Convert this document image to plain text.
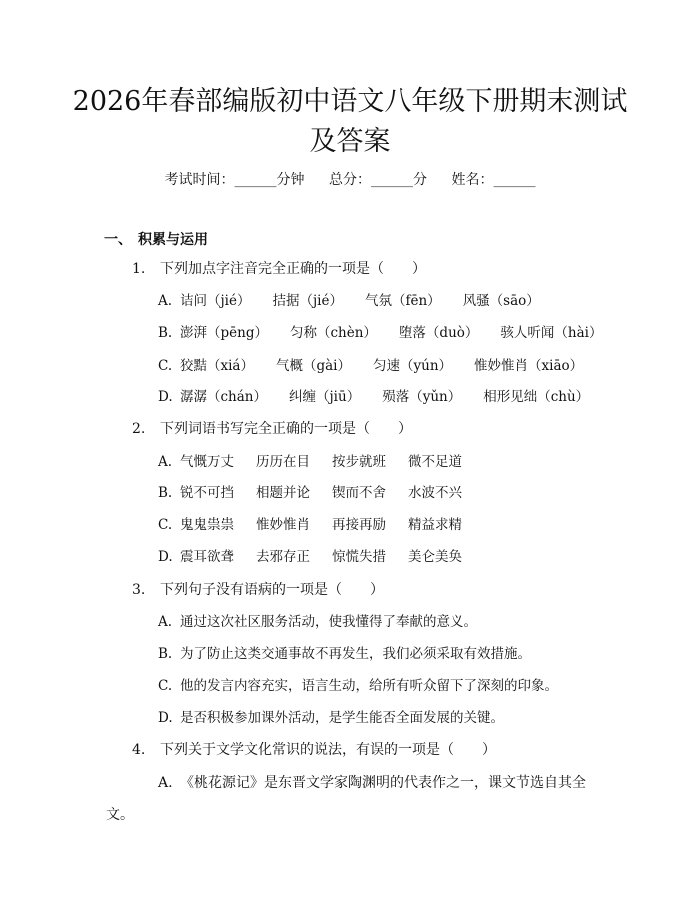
2026年春部编版初中语文八年级下册期末测试及答案
考试时间：______分钟 总分：______分 姓名：______
一、 积累与运用
1. 下列加点字注音完全正确的一项是（　　）
A. 诘问（jié） 拮据（jié） 气氛（fēn） 风骚（sāo）
B. 澎湃（pēng） 匀称（chèn） 堕落（duò） 骇人听闻（hài）
C. 狡黠（xiá） 气概（gài） 匀速（yún） 惟妙惟肖（xiāo）
D. 潺潺（chán） 纠缠（jiū） 殒落（yǔn） 相形见绌（chù）
2. 下列词语书写完全正确的一项是（　　）
A. 气慨万丈 历历在目 按步就班 微不足道
B. 锐不可挡 相题并论 锲而不舍 水波不兴
C. 鬼鬼祟祟 惟妙惟肖 再接再励 精益求精
D. 震耳欲聋 去邪存正 惊慌失措 美仑美奂
3. 下列句子没有语病的一项是（　　）
A. 通过这次社区服务活动，使我懂得了奉献的意义。
B. 为了防止这类交通事故不再发生，我们必须采取有效措施。
C. 他的发言内容充实，语言生动，给所有听众留下了深刻的印象。
D. 是否积极参加课外活动，是学生能否全面发展的关键。
4. 下列关于文学文化常识的说法，有误的一项是（　　）
A. 《桃花源记》是东晋文学家陶渊明的代表作之一，课文节选自其全文。
